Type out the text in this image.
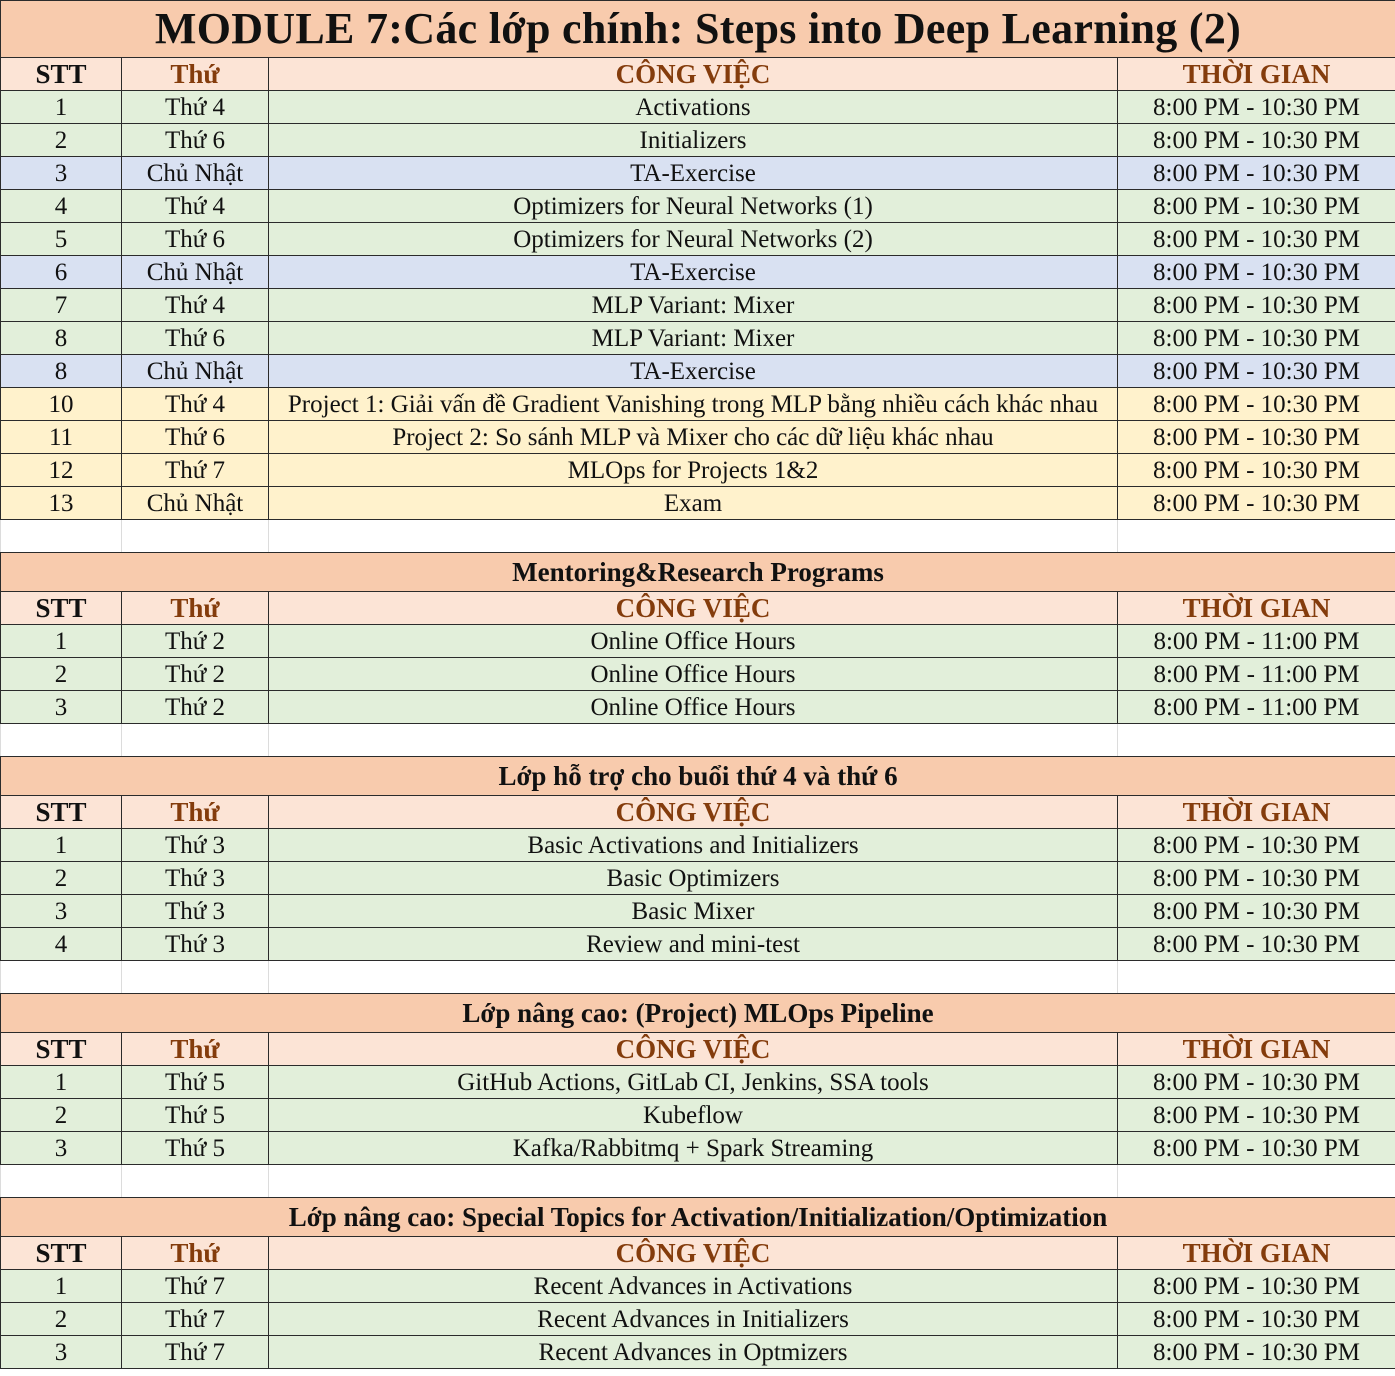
MODULE 7:Các lớp chính: Steps into Deep Learning (2)			
STT	Thứ	CÔNG VIỆC	THỜI GIAN
1	Thứ 4	Activations	8:00 PM - 10:30 PM
2	Thứ 6	Initializers	8:00 PM - 10:30 PM
3	Chủ Nhật	TA-Exercise	8:00 PM - 10:30 PM
4	Thứ 4	Optimizers for Neural Networks (1)	8:00 PM - 10:30 PM
5	Thứ 6	Optimizers for Neural Networks (2)	8:00 PM - 10:30 PM
6	Chủ Nhật	TA-Exercise	8:00 PM - 10:30 PM
7	Thứ 4	MLP Variant: Mixer	8:00 PM - 10:30 PM
8	Thứ 6	MLP Variant: Mixer	8:00 PM - 10:30 PM
8	Chủ Nhật	TA-Exercise	8:00 PM - 10:30 PM
10	Thứ 4	Project 1: Giải vấn đề Gradient Vanishing trong MLP bằng nhiều cách khác nhau	8:00 PM - 10:30 PM
11	Thứ 6	Project 2: So sánh MLP và Mixer cho các dữ liệu khác nhau	8:00 PM - 10:30 PM
12	Thứ 7	MLOps for Projects 1&2	8:00 PM - 10:30 PM
13	Chủ Nhật	Exam	8:00 PM - 10:30 PM

Mentoring&Research Programs			
STT	Thứ	CÔNG VIỆC	THỜI GIAN
1	Thứ 2	Online Office Hours	8:00 PM - 11:00 PM
2	Thứ 2	Online Office Hours	8:00 PM - 11:00 PM
3	Thứ 2	Online Office Hours	8:00 PM - 11:00 PM

Lớp hỗ trợ cho buổi thứ 4 và thứ 6			
STT	Thứ	CÔNG VIỆC	THỜI GIAN
1	Thứ 3	Basic Activations and Initializers	8:00 PM - 10:30 PM
2	Thứ 3	Basic Optimizers	8:00 PM - 10:30 PM
3	Thứ 3	Basic Mixer	8:00 PM - 10:30 PM
4	Thứ 3	Review and mini-test	8:00 PM - 10:30 PM

Lớp nâng cao: (Project) MLOps Pipeline			
STT	Thứ	CÔNG VIỆC	THỜI GIAN
1	Thứ 5	GitHub Actions, GitLab CI, Jenkins, SSA tools	8:00 PM - 10:30 PM
2	Thứ 5	Kubeflow	8:00 PM - 10:30 PM
3	Thứ 5	Kafka/Rabbitmq + Spark Streaming	8:00 PM - 10:30 PM

Lớp nâng cao: Special Topics for Activation/Initialization/Optimization			
STT	Thứ	CÔNG VIỆC	THỜI GIAN
1	Thứ 7	Recent Advances in Activations	8:00 PM - 10:30 PM
2	Thứ 7	Recent Advances in Initializers	8:00 PM - 10:30 PM
3	Thứ 7	Recent Advances in Optmizers	8:00 PM - 10:30 PM
